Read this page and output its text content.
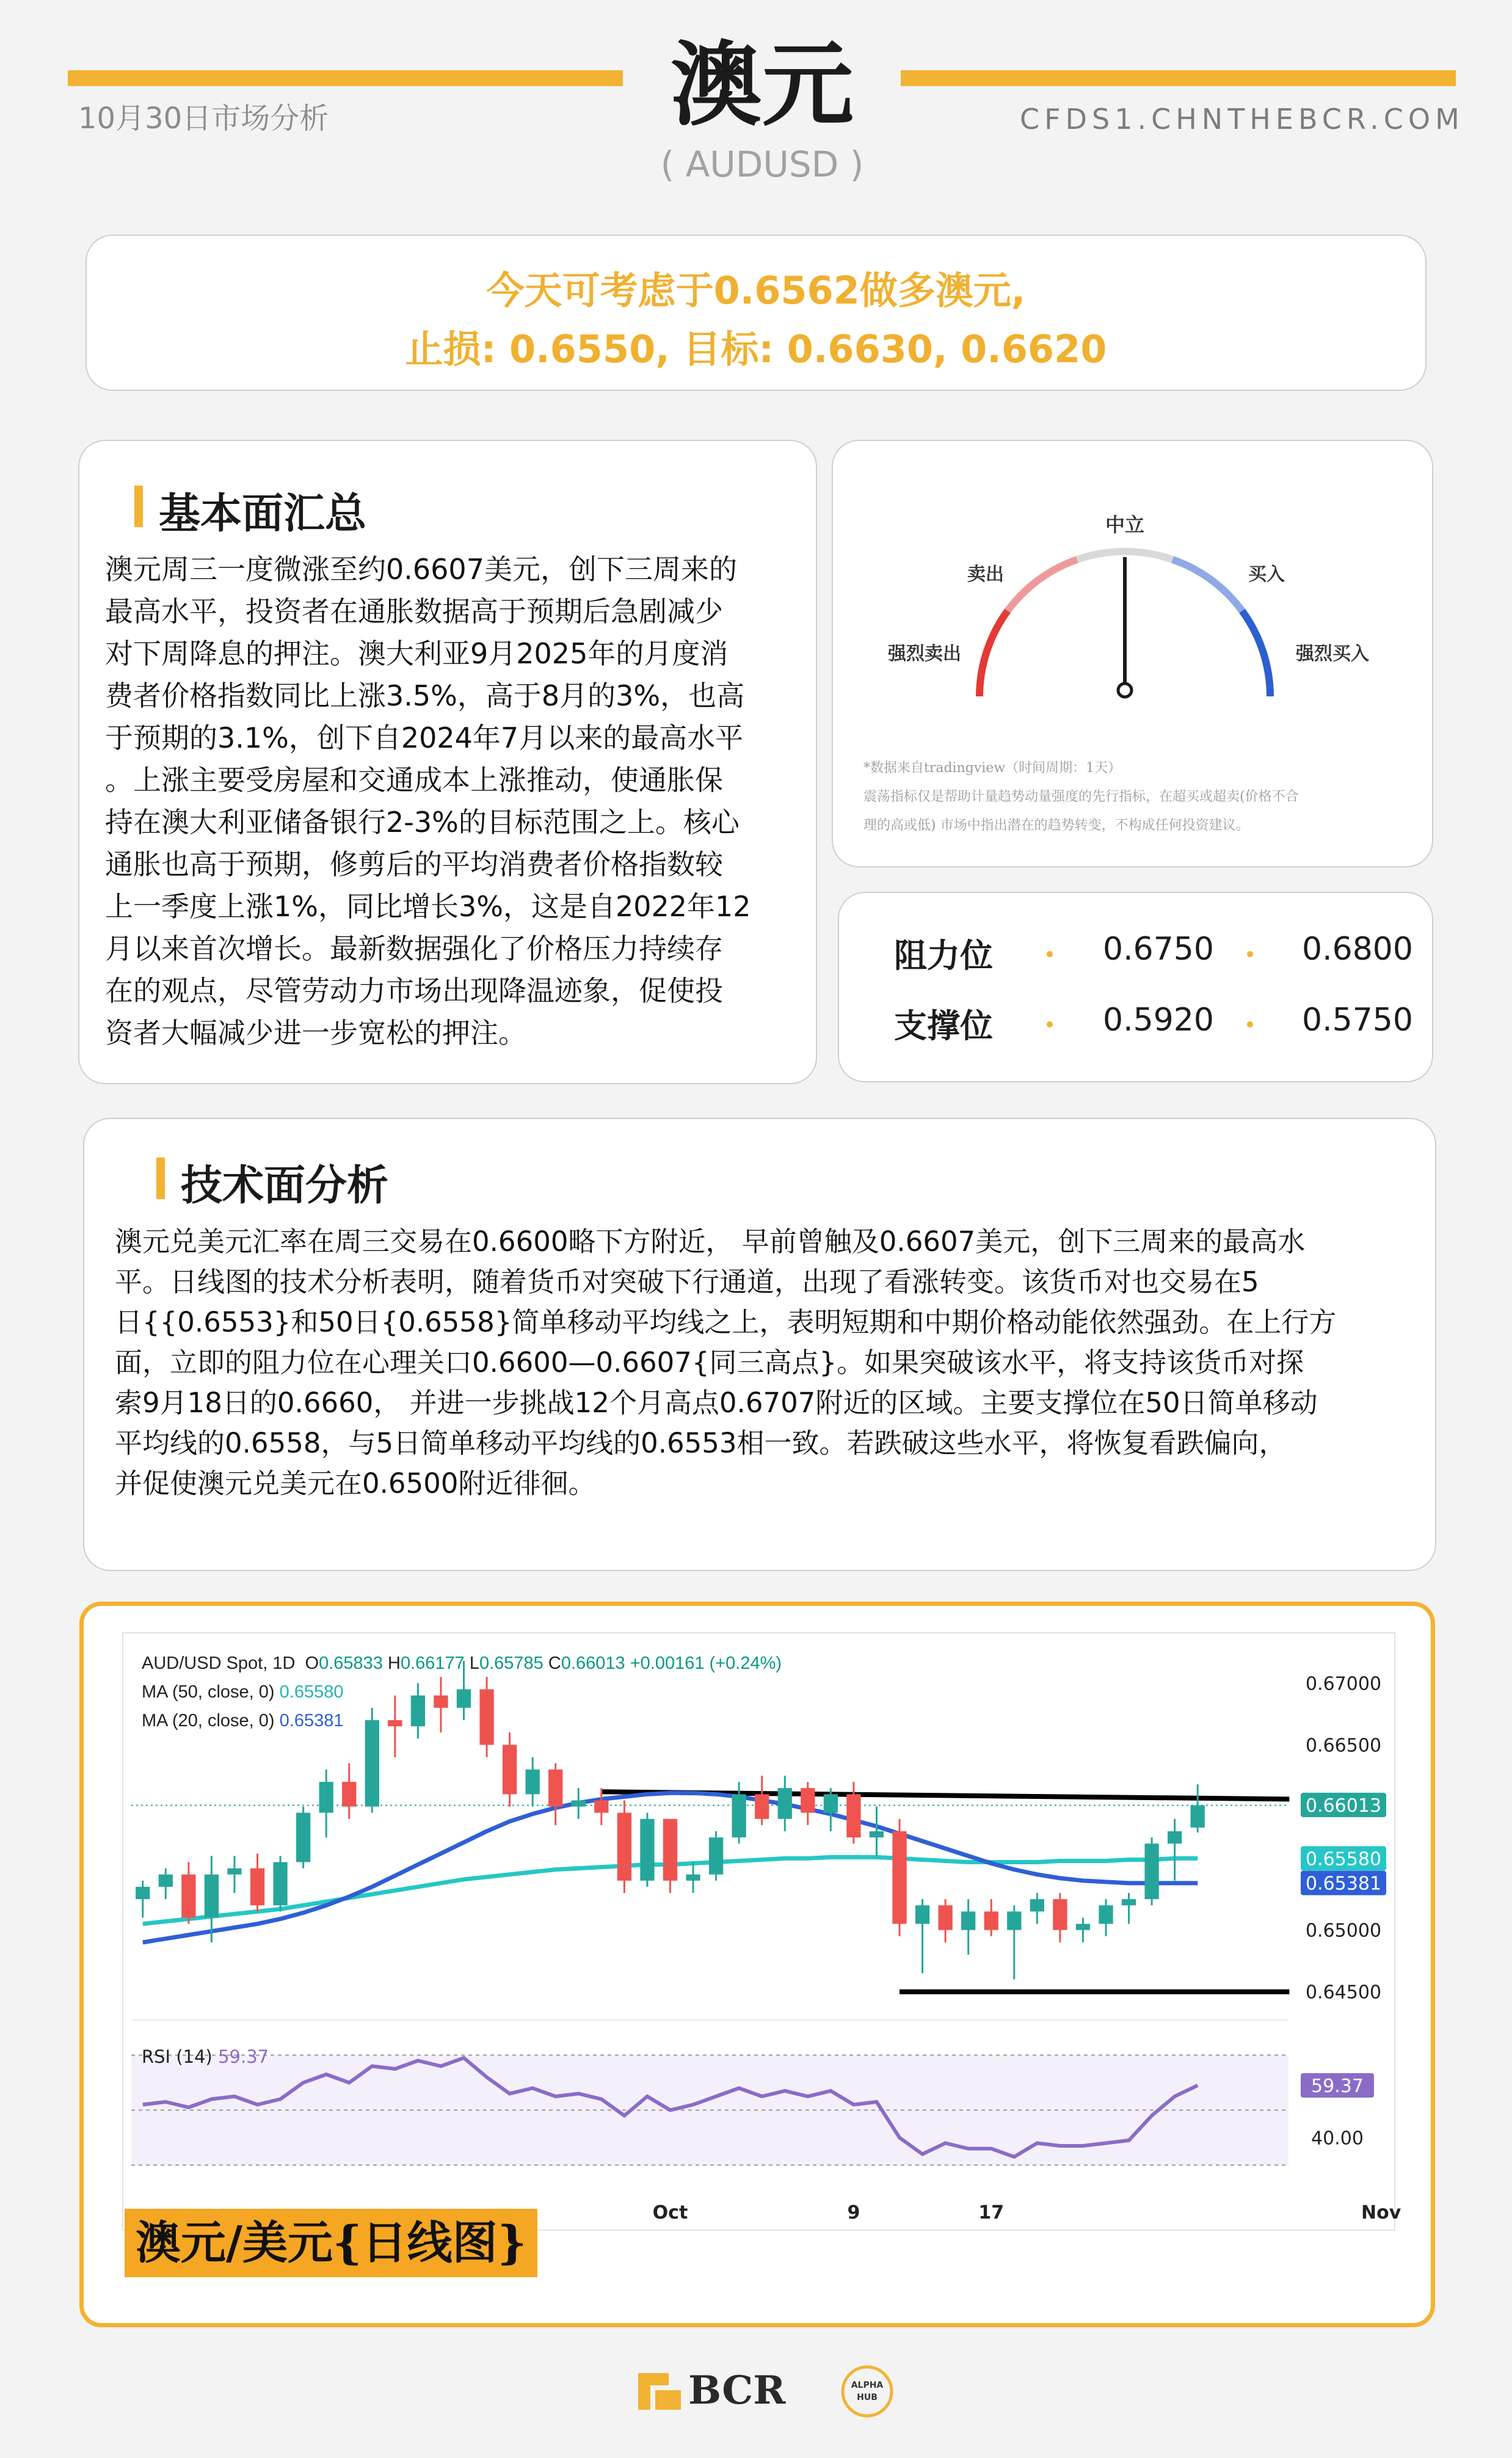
10月30日市场分析	澳元
( AUDUSD )
CFDS1.CHNTHEBCR.COM
今天可考虑于0.6562做多澳元,
止损: 0.6550, 目标: 0.6630, 0.6620
基本面汇总
澳元周三一度微涨至约0.6607美元，创下三周来的
最高水平，投资者在通胀数据高于预期后急剧减少
对下周降息的押注。澳大利亚9月2025年的月度消
费者价格指数同比上涨3.5%，高于8月的3%，也高
于预期的3.1%，创下自2024年7月以来的最高水平
。上涨主要受房屋和交通成本上涨推动，使通胀保
持在澳大利亚储备银行2-3%的目标范围之上。核心
通胀也高于预期，修剪后的平均消费者价格指数较
上一季度上涨1%，同比增长3%，这是自2022年12
月以来首次增长。最新数据强化了价格压力持续存
在的观点，尽管劳动力市场出现降温迹象，促使投
资者大幅减少进一步宽松的押注。
中立
卖出	买入
强烈卖出	强烈买入
*数据来自tradingview（时间周期：1天）
震荡指标仅是帮助计量趋势动量强度的先行指标，在超买或超卖(价格不合
理的高或低) 市场中指出潜在的趋势转变，不构成任何投资建议。
阻力位	0.6750	0.6800
支撑位	0.5920	0.5750
技术面分析
澳元兑美元汇率在周三交易在0.6600略下方附近， 早前曾触及0.6607美元，创下三周来的最高水
平。日线图的技术分析表明，随着货币对突破下行通道，出现了看涨转变。该货币对也交易在5
日{{0.6553}和50日{0.6558}简单移动平均线之上，表明短期和中期价格动能依然强劲。在上行方
面，立即的阻力位在心理关口0.6600—0.6607{同三高点}。如果突破该水平，将支持该货币对探
索9月18日的0.6660， 并进一步挑战12个月高点0.6707附近的区域。主要支撑位在50日简单移动
平均线的0.6558，与5日简单移动平均线的0.6553相一致。若跌破这些水平，将恢复看跌偏向，
并促使澳元兑美元在0.6500附近徘徊。
0.67000
0.66500
0.66013
0.65580
0.65381
0.65000
0.64500
59.37
40.00
Oct	9	17	Nov
AUD/USD Spot, 1D O0.65833 H0.66177 L0.65785 C0.66013 +0.00161 (+0.24%)
MA (50, close, 0) 0.65580
MA (20, close, 0) 0.65381
RSI (14) 59.37
澳元/美元{日线图}
BCR	ALPHA
HUB
